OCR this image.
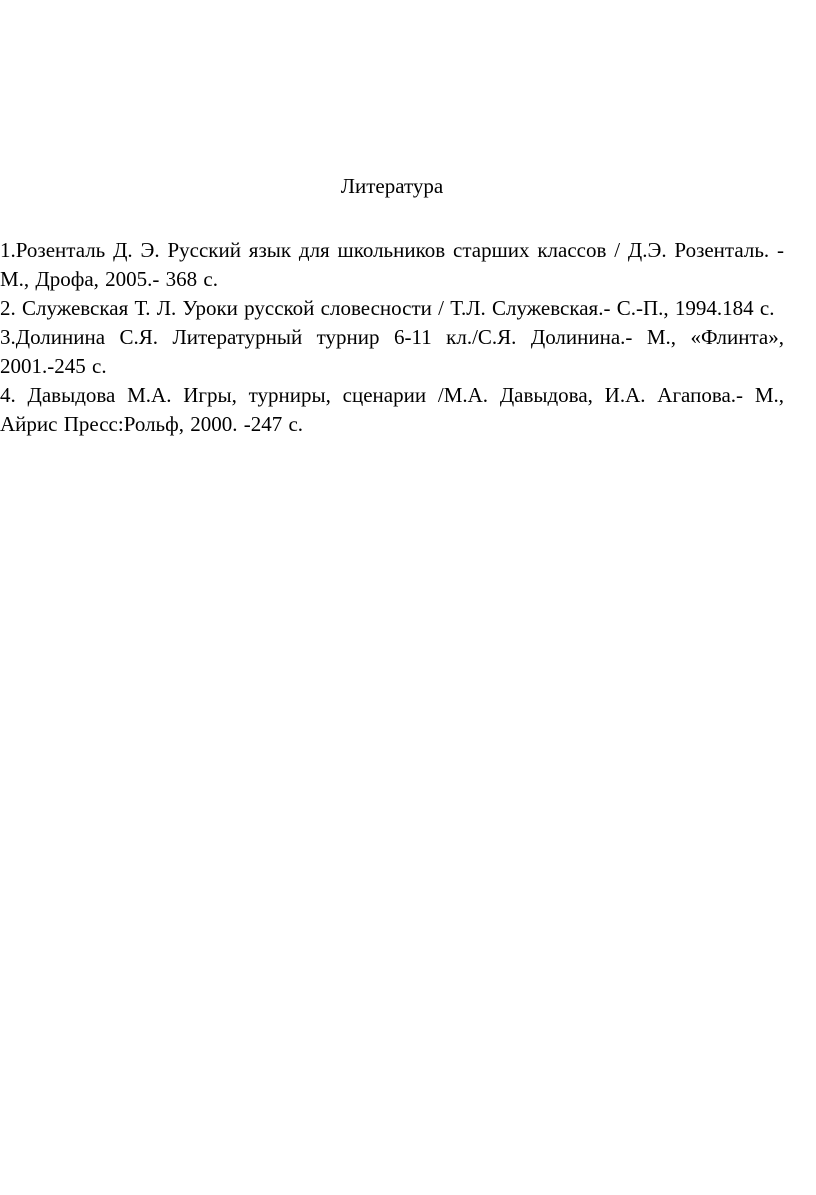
Литература
1.Розенталь Д. Э. Русский язык для школьников старших классов / Д.Э. Розенталь. - М., Дрофа, 2005.- 368 с.
2. Служевская Т. Л. Уроки русской словесности / Т.Л. Служевская.- С.-П., 1994.184 с.
3.Долинина С.Я. Литературный турнир 6-11 кл./С.Я. Долинина.- М., «Флинта», 2001.-245 с.
4. Давыдова М.А. Игры, турниры, сценарии /М.А. Давыдова, И.А. Агапова.- М., Айрис Пресс:Рольф, 2000. -247 с.
